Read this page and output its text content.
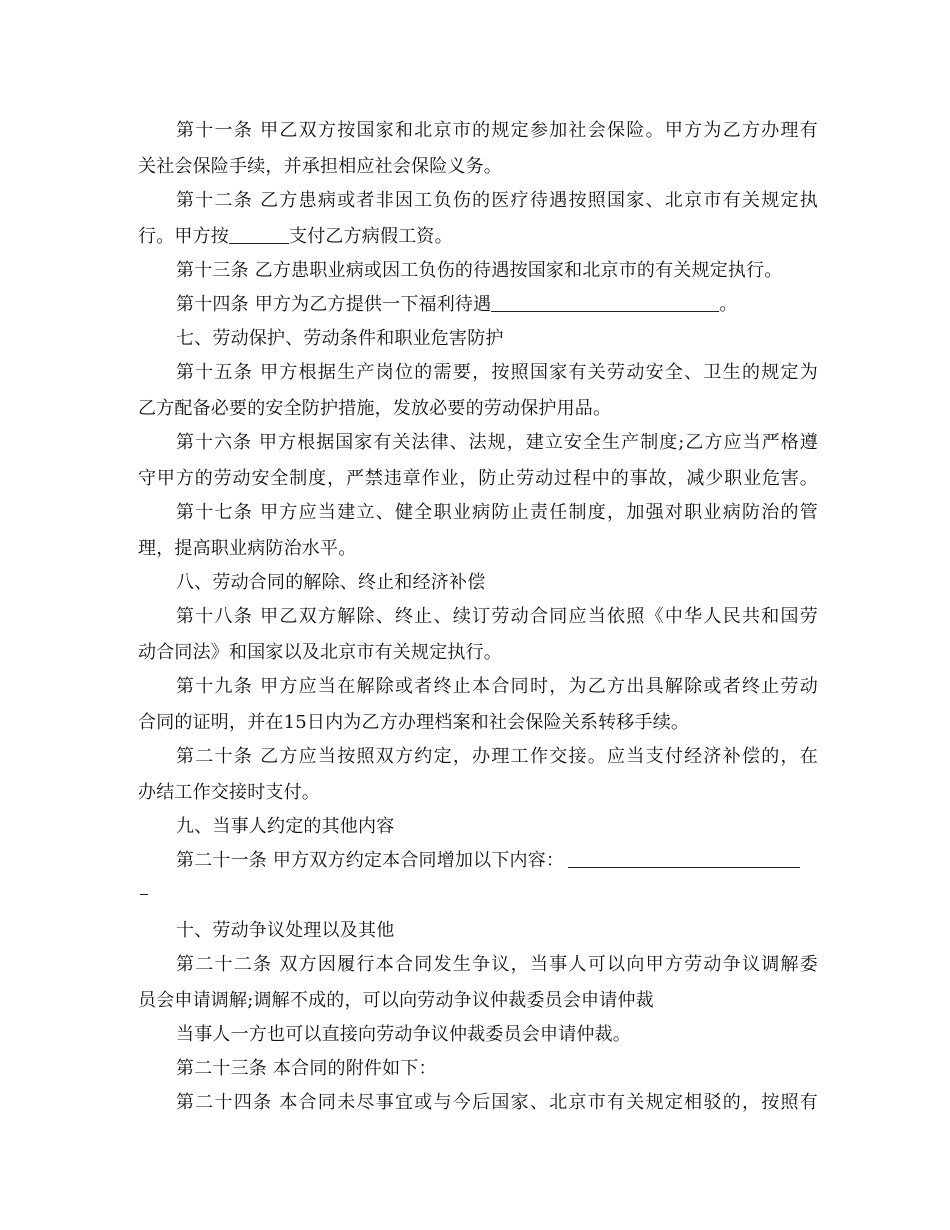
第十一条 甲乙双方按国家和北京市的规定参加社会保险。甲方为乙方办理有
关社会保险手续，并承担相应社会保险义务。
第十二条 乙方患病或者非因工负伤的医疗待遇按照国家、北京市有关规定执
行。甲方按	支付乙方病假工资。
第十三条 乙方患职业病或因工负伤的待遇按国家和北京市的有关规定执行。
第十四条 甲方为乙方提供一下福利待遇	。
七、劳动保护、劳动条件和职业危害防护
第十五条 甲方根据生产岗位的需要，按照国家有关劳动安全、卫生的规定为
乙方配备必要的安全防护措施，发放必要的劳动保护用品。
第十六条 甲方根据国家有关法律、法规，建立安全生产制度;乙方应当严格遵
守甲方的劳动安全制度，严禁违章作业，防止劳动过程中的事故，减少职业危害。
第十七条 甲方应当建立、健全职业病防止责任制度，加强对职业病防治的管
理，提高职业病防治水平。
八、劳动合同的解除、终止和经济补偿
第十八条 甲乙双方解除、终止、续订劳动合同应当依照《中华人民共和国劳
动合同法》和国家以及北京市有关规定执行。
第十九条 甲方应当在解除或者终止本合同时，为乙方出具解除或者终止劳动
合同的证明，并在15日内为乙方办理档案和社会保险关系转移手续。
第二十条 乙方应当按照双方约定，办理工作交接。应当支付经济补偿的，在
办结工作交接时支付。
九、当事人约定的其他内容
第二十一条 甲方双方约定本合同增加以下内容：
十、劳动争议处理以及其他
第二十二条 双方因履行本合同发生争议，当事人可以向甲方劳动争议调解委
员会申请调解;调解不成的，可以向劳动争议仲裁委员会申请仲裁
当事人一方也可以直接向劳动争议仲裁委员会申请仲裁。
第二十三条 本合同的附件如下：
第二十四条 本合同未尽事宜或与今后国家、北京市有关规定相驳的，按照有
